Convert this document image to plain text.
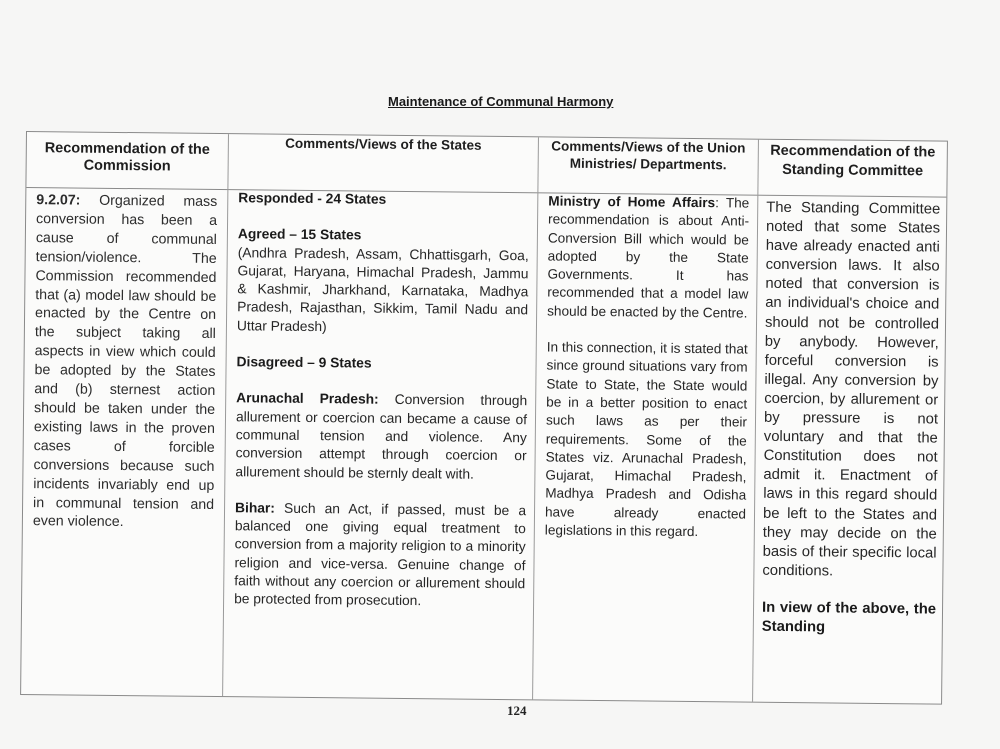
Maintenance of Communal Harmony
Recommendation of the Commission
Comments/Views of the States	Comments/Views of the Union Ministries/ Departments.
Recommendation of the Standing Committee
9.2.07: Organized mass conversion has been a cause of communal tension/violence. The Commission recommended that (a) model law should be enacted by the Centre on the subject taking all aspects in view which could be adopted by the States and (b) sternest action should be taken under the existing laws in the proven cases of forcible conversions because such incidents invariably end up in communal tension and even violence.

Responded - 24 States

Agreed – 15 States

(Andhra Pradesh, Assam, Chhattisgarh, Goa, Gujarat, Haryana, Himachal Pradesh, Jammu & Kashmir, Jharkhand, Karnataka, Madhya Pradesh, Rajasthan, Sikkim, Tamil Nadu and Uttar Pradesh)

Disagreed – 9 States

Arunachal Pradesh: Conversion through allurement or coercion can became a cause of communal tension and violence. Any conversion attempt through coercion or allurement should be sternly dealt with.

Bihar: Such an Act, if passed, must be a balanced one giving equal treatment to conversion from a majority religion to a minority religion and vice-versa. Genuine change of faith without any coercion or allurement should be protected from prosecution.

Ministry of Home Affairs: The recommendation is about Anti-Conversion Bill which would be adopted by the State Governments. It has recommended that a model law should be enacted by the Centre.

In this connection, it is stated that since ground situations vary from State to State, the State would be in a better position to enact such laws as per their requirements. Some of the States viz. Arunachal Pradesh, Gujarat, Himachal Pradesh, Madhya Pradesh and Odisha have already enacted legislations in this regard.

The Standing Committee noted that some States have already enacted anti conversion laws. It also noted that conversion is an individual's choice and should not be controlled by anybody. However, forceful conversion is illegal. Any conversion by coercion, by allurement or by pressure is not voluntary and that the Constitution does not admit it. Enactment of laws in this regard should be left to the States and they may decide on the basis of their specific local conditions.

In view of the above, the Standing

124
